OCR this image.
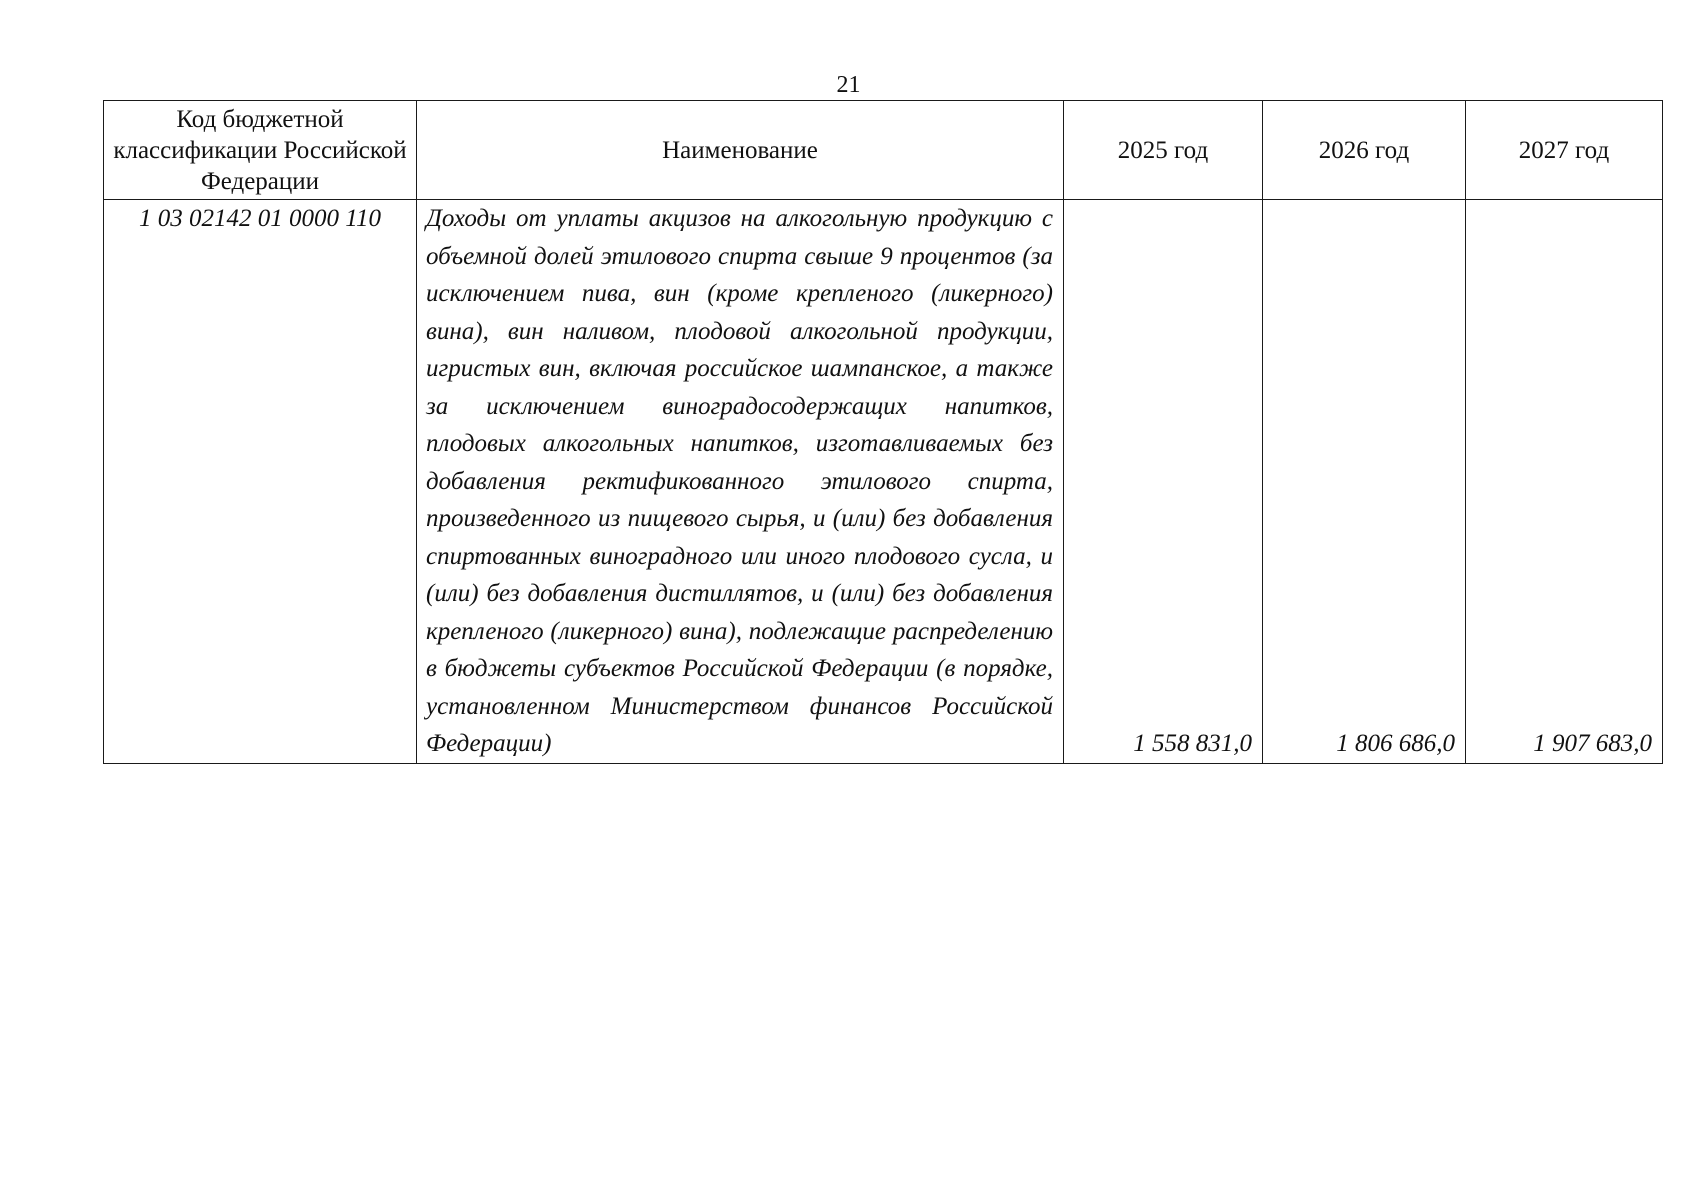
21
Код бюджетной классификации Российской Федерации	Наименование	2025 год	2026 год	2027 год
1 03 02142 01 0000 110	Доходы от уплаты акцизов на алкогольную продукцию с объемной долей этилового спирта свыше 9 процентов (за исключением пива, вин (кроме крепленого (ликерного) вина), вин наливом, плодовой алкогольной продукции, игристых вин, включая российское шампанское, а также за исключением виноградосодержащих напитков, плодовых алкогольных напитков, изготавливаемых без добавления ректификованного этилового спирта, произведенного из пищевого сырья, и (или) без добавления спиртованных виноградного или иного плодового сусла, и (или) без добавления дистиллятов, и (или) без добавления крепленого (ликерного) вина), подлежащие распределению в бюджеты субъектов Российской Федерации (в порядке, установленном Министерством финансов Российской Федерации)	1 558 831,0	1 806 686,0	1 907 683,0
